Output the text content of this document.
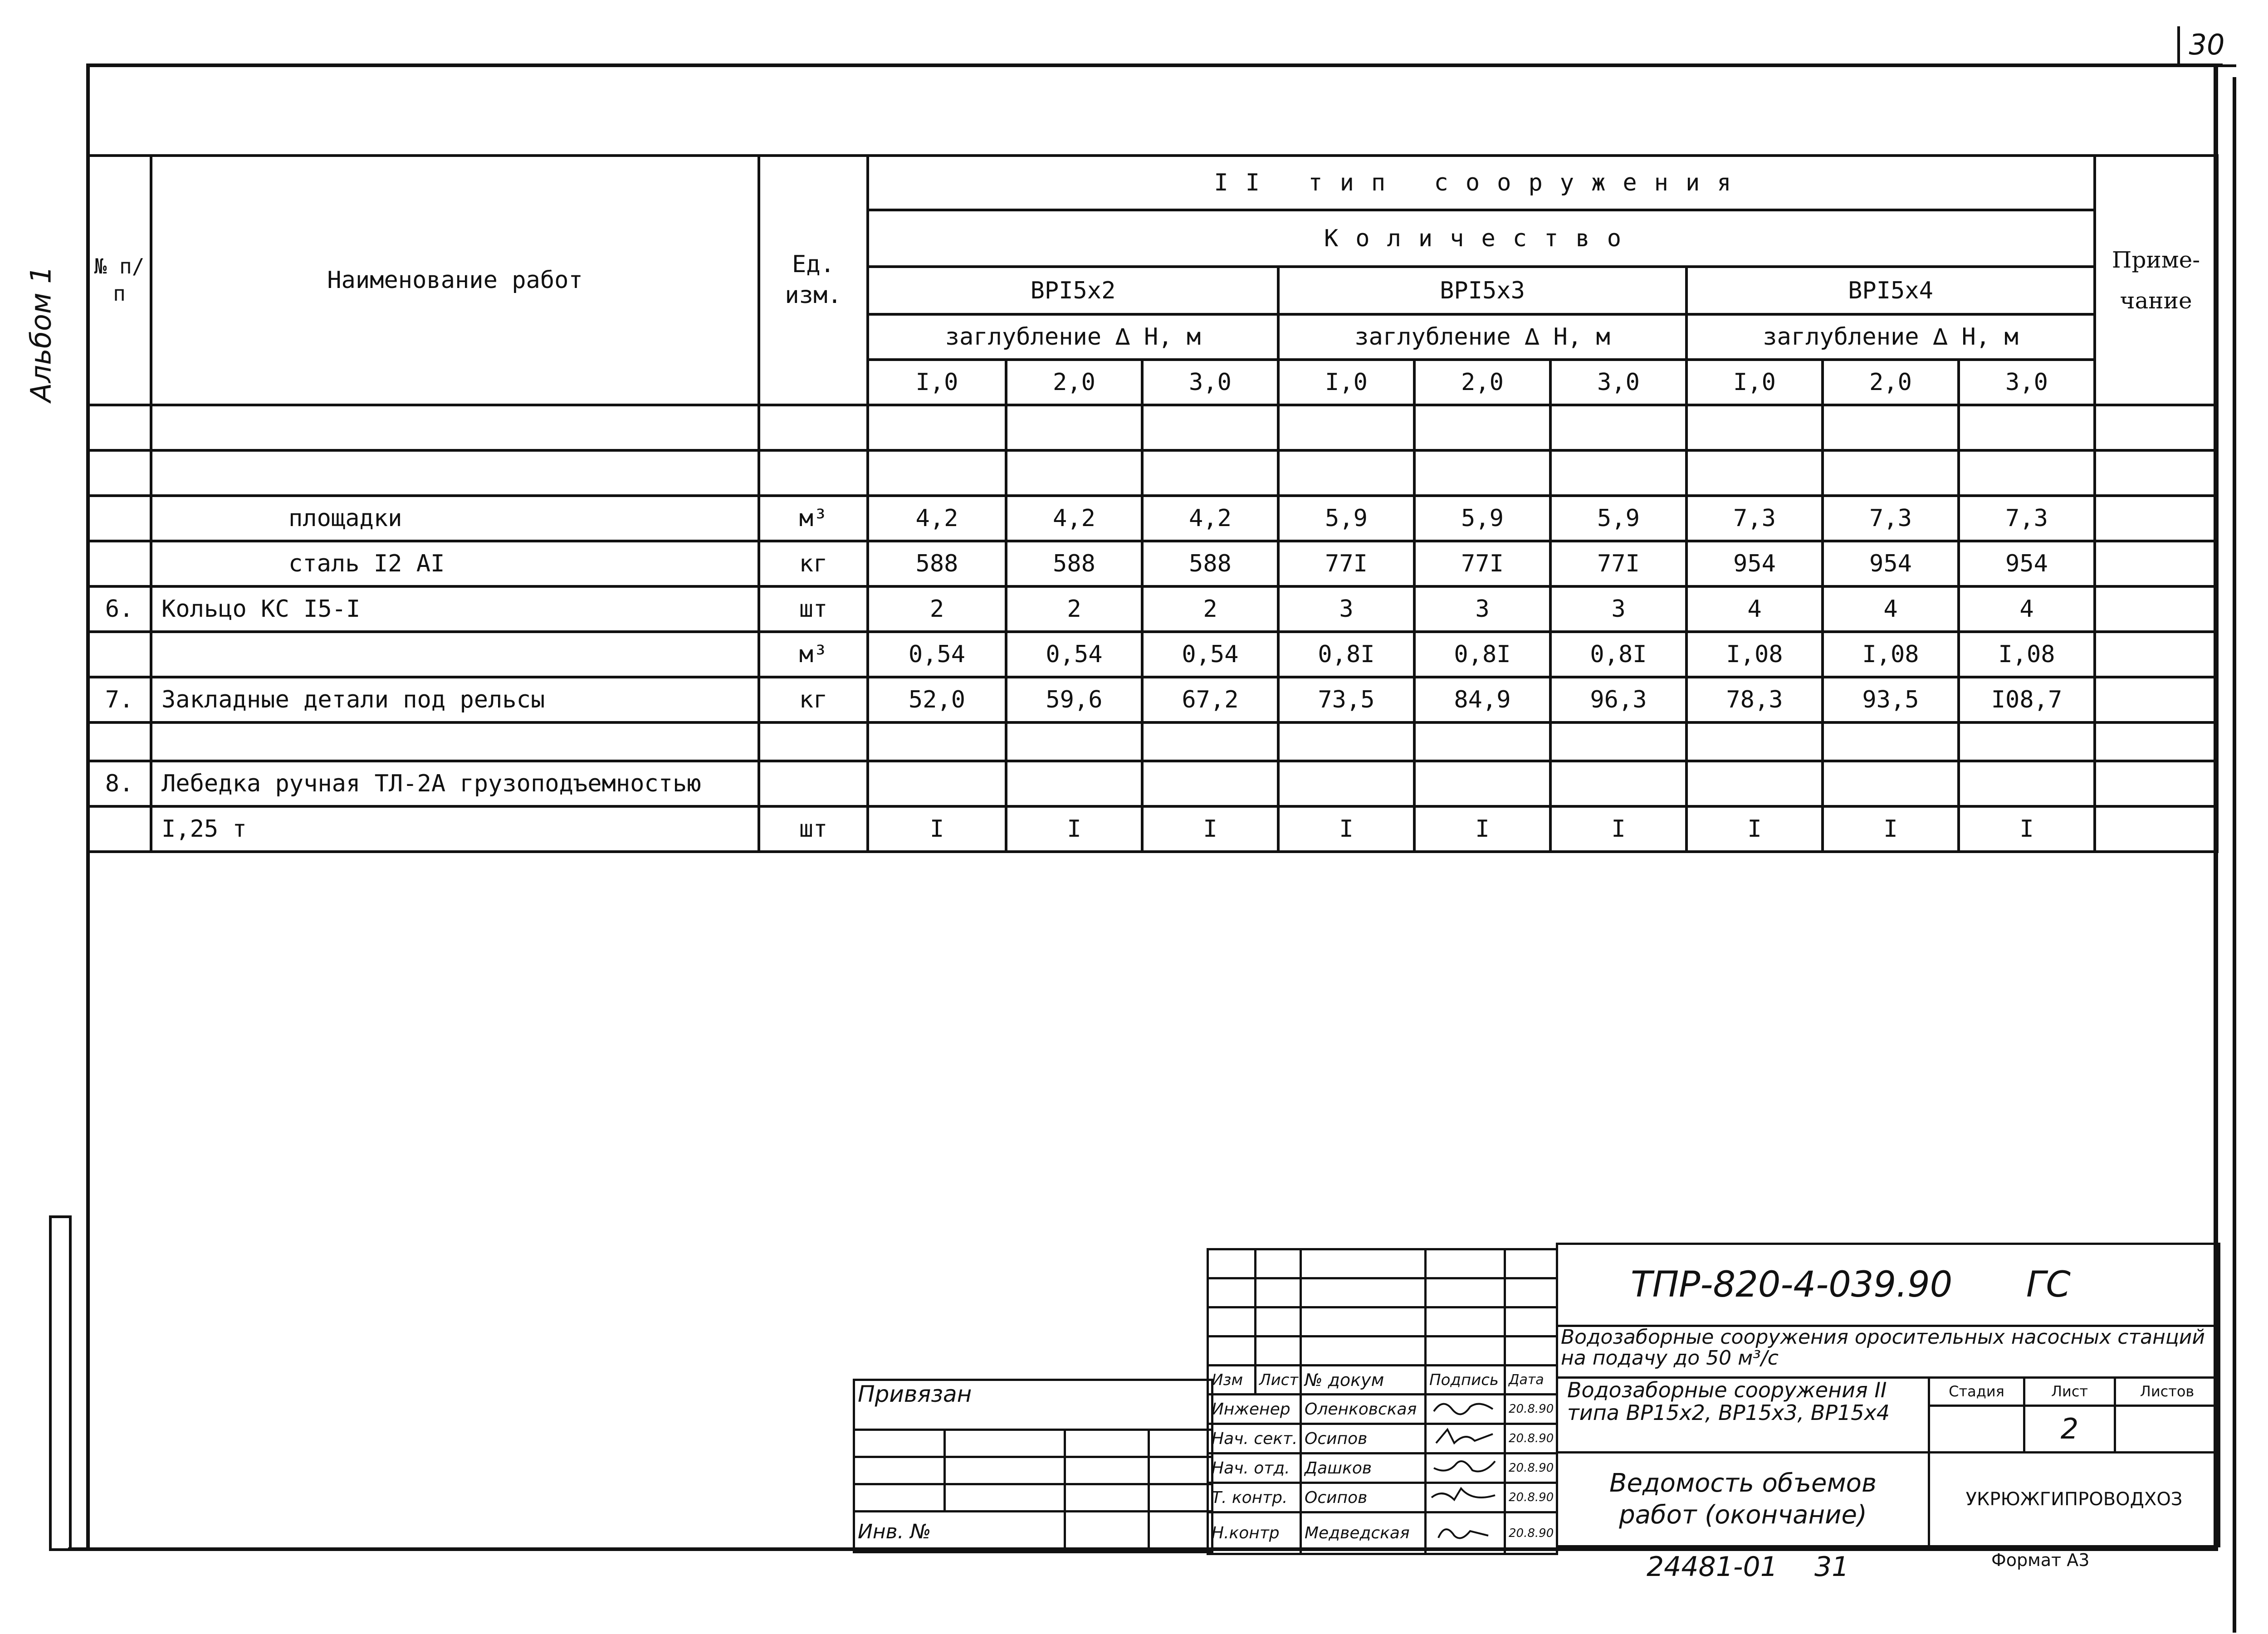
30
Альбом 1 № п/п	Наименование работ	Ед. изм.	II тип сооружения									Приме- чание
			Количество									
			ВРI5х2			ВРI5х3			ВРI5х4			
			заглубление ∆ Н, м			заглубление ∆ Н, м			заглубление ∆ Н, м			
			I,0	2,0	3,0	I,0	2,0	3,0	I,0	2,0	3,0	

	площадки	м³	4,2	4,2	4,2	5,9	5,9	5,9	7,3	7,3	7,3	
	сталь I2 AI	кг	588	588	588	77I	77I	77I	954	954	954	
6.	Кольцо КС I5-I	шт	2	2	2	3	3	3	4	4	4	
		м³	0,54	0,54	0,54	0,8I	0,8I	0,8I	I,08	I,08	I,08	
7.	Закладные детали под рельсы	кг	52,0	59,6	67,2	73,5	84,9	96,3	78,3	93,5	I08,7	

8.	Лебедка ручная ТЛ-2А грузоподъемностью											
	I,25 т	шт	I	I	I	I	I	I	I	I	I	
Привязан			

Инв. №			

Изм	Лист	№ докум	Подпись	Дата
Инженер		Оленковская		20.8.90
Нач. сект.		Осипов		20.8.90
Нач. отд.		Дашков		20.8.90
Т. контр.		Осипов		20.8.90
Н.контр		Медведская		20.8.90
ТПР-820-4-039.90 ГС			
Водозаборные сооружения оросительных насосных станций на подачу до 50 м³/с			
Водозаборные сооружения II типа ВР15х2, ВР15х3, ВР15х4	Стадия	Лист	Листов
		2	
Ведомость объемов работ (окончание)	УКРЮЖГИПРОВОДХОЗ		
24481-01 31	Формат А3
